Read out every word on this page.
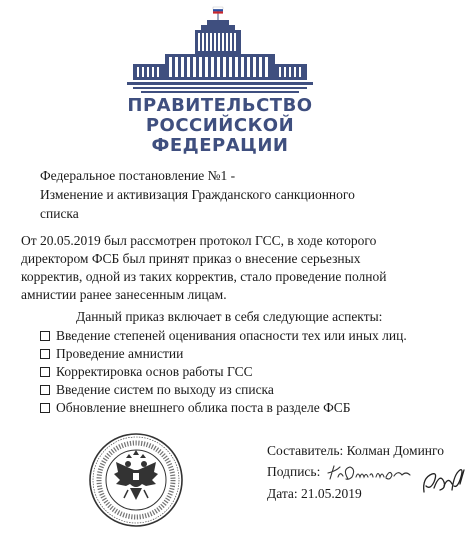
ПРАВИТЕЛЬСТВО
РОССИЙСКОЙ
ФЕДЕРАЦИИ
Федеральное постановление №1 -
Изменение и активизация Гражданского санкционного
списка
От 20.05.2019 был рассмотрен протокол ГСС, в ходе которого
директором ФСБ был принят приказ о внесение серьезных
корректив, одной из таких корректив, стало проведение полной
амнистии ранее занесенным лицам.
Данный приказ включает в себя следующие аспекты:
Введение степеней оценивания опасности тех или иных лиц.
Проведение амнистии
Корректировка основ работы ГСС
Введение систем по выходу из списка
Обновление внешнего облика поста в разделе ФСБ
Составитель: Колман Доминго
Подпись:
Дата: 21.05.2019
